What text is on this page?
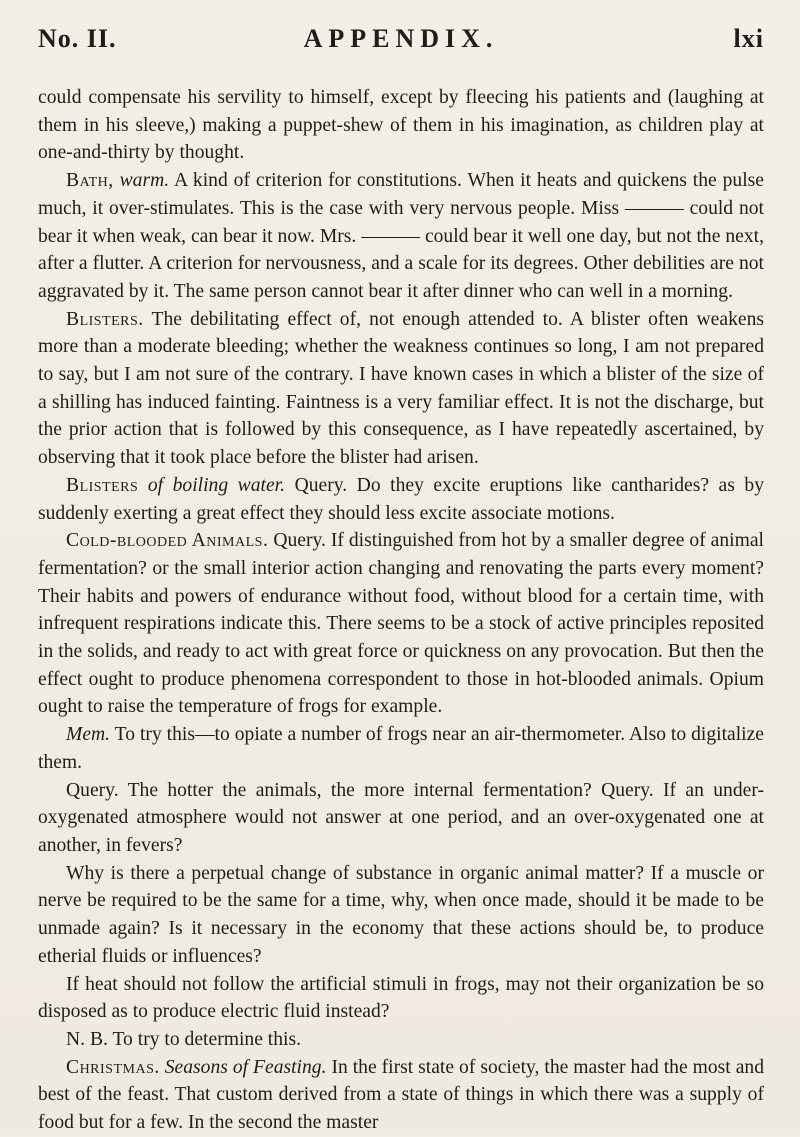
No. II.	APPENDIX.	lxi

could compensate his servility to himself, except by fleecing his patients and (laughing at them in his sleeve,) making a puppet-shew of them in his imagination, as children play at one-and-thirty by thought.

Bath, warm. A kind of criterion for constitutions. When it heats and quickens the pulse much, it over-stimulates. This is the case with very nervous people. Miss ——— could not bear it when weak, can bear it now. Mrs. ——— could bear it well one day, but not the next, after a flutter. A criterion for nervousness, and a scale for its degrees. Other debilities are not aggravated by it. The same person cannot bear it after dinner who can well in a morning.

Blisters. The debilitating effect of, not enough attended to. A blister often weakens more than a moderate bleeding; whether the weakness continues so long, I am not prepared to say, but I am not sure of the contrary. I have known cases in which a blister of the size of a shilling has induced fainting. Faintness is a very familiar effect. It is not the discharge, but the prior action that is followed by this consequence, as I have repeatedly ascertained, by observing that it took place before the blister had arisen.

Blisters of boiling water. Query. Do they excite eruptions like cantharides? as by suddenly exerting a great effect they should less excite associate motions.

Cold-blooded Animals. Query. If distinguished from hot by a smaller degree of animal fermentation? or the small interior action changing and renovating the parts every moment? Their habits and powers of endurance without food, without blood for a certain time, with infrequent respirations indicate this. There seems to be a stock of active principles reposited in the solids, and ready to act with great force or quickness on any provocation. But then the effect ought to produce phenomena correspondent to those in hot-blooded animals. Opium ought to raise the temperature of frogs for example.

Mem. To try this—to opiate a number of frogs near an air-thermometer. Also to digitalize them.

Query. The hotter the animals, the more internal fermentation? Query. If an under-oxygenated atmosphere would not answer at one period, and an over-oxygenated one at another, in fevers?

Why is there a perpetual change of substance in organic animal matter? If a muscle or nerve be required to be the same for a time, why, when once made, should it be made to be unmade again? Is it necessary in the economy that these actions should be, to produce etherial fluids or influences?

If heat should not follow the artificial stimuli in frogs, may not their organization be so disposed as to produce electric fluid instead?

N. B. To try to determine this.

Christmas. Seasons of Feasting. In the first state of society, the master had the most and best of the feast. That custom derived from a state of things in which there was a supply of food but for a few. In the second the master
